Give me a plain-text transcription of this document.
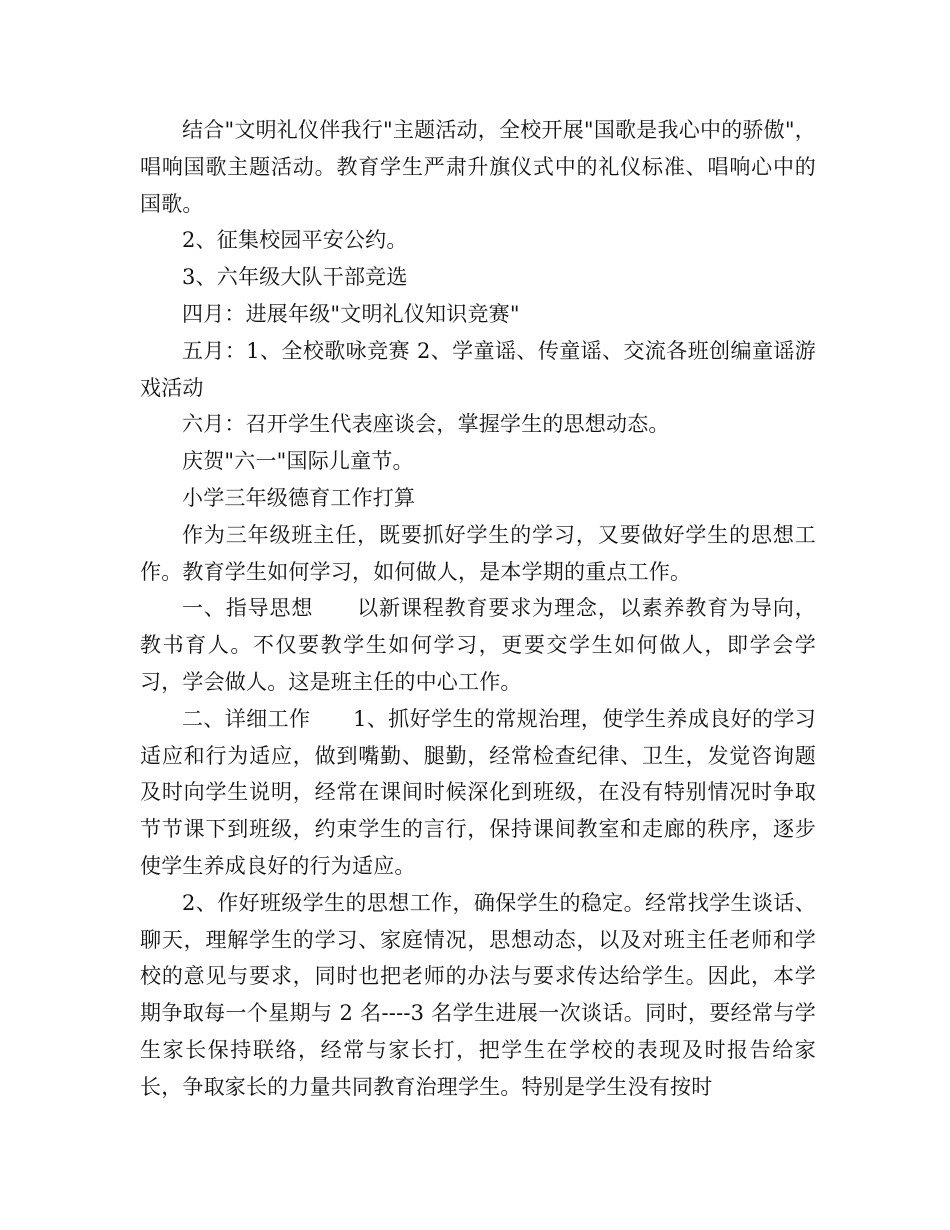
结合"文明礼仪伴我行"主题活动，全校开展"国歌是我心中的骄傲"，唱响国歌主题活动。教育学生严肃升旗仪式中的礼仪标准、唱响心中的国歌。

2、征集校园平安公约。

3、六年级大队干部竞选

四月：进展年级"文明礼仪知识竞赛"

五月：1、全校歌咏竞赛 2、学童谣、传童谣、交流各班创编童谣游戏活动

六月：召开学生代表座谈会，掌握学生的思想动态。

庆贺"六一"国际儿童节。

小学三年级德育工作打算

作为三年级班主任，既要抓好学生的学习，又要做好学生的思想工作。教育学生如何学习，如何做人，是本学期的重点工作。

一、指导思想　　以新课程教育要求为理念，以素养教育为导向，教书育人。不仅要教学生如何学习，更要交学生如何做人，即学会学习，学会做人。这是班主任的中心工作。

二、详细工作　　1、抓好学生的常规治理，使学生养成良好的学习适应和行为适应，做到嘴勤、腿勤，经常检查纪律、卫生，发觉咨询题及时向学生说明，经常在课间时候深化到班级，在没有特别情况时争取节节课下到班级，约束学生的言行，保持课间教室和走廊的秩序，逐步使学生养成良好的行为适应。

2、作好班级学生的思想工作，确保学生的稳定。经常找学生谈话、聊天，理解学生的学习、家庭情况，思想动态，以及对班主任老师和学校的意见与要求，同时也把老师的办法与要求传达给学生。因此，本学期争取每一个星期与 2 名----3 名学生进展一次谈话。同时，要经常与学生家长保持联络，经常与家长打，把学生在学校的表现及时报告给家长，争取家长的力量共同教育治理学生。特别是学生没有按时
